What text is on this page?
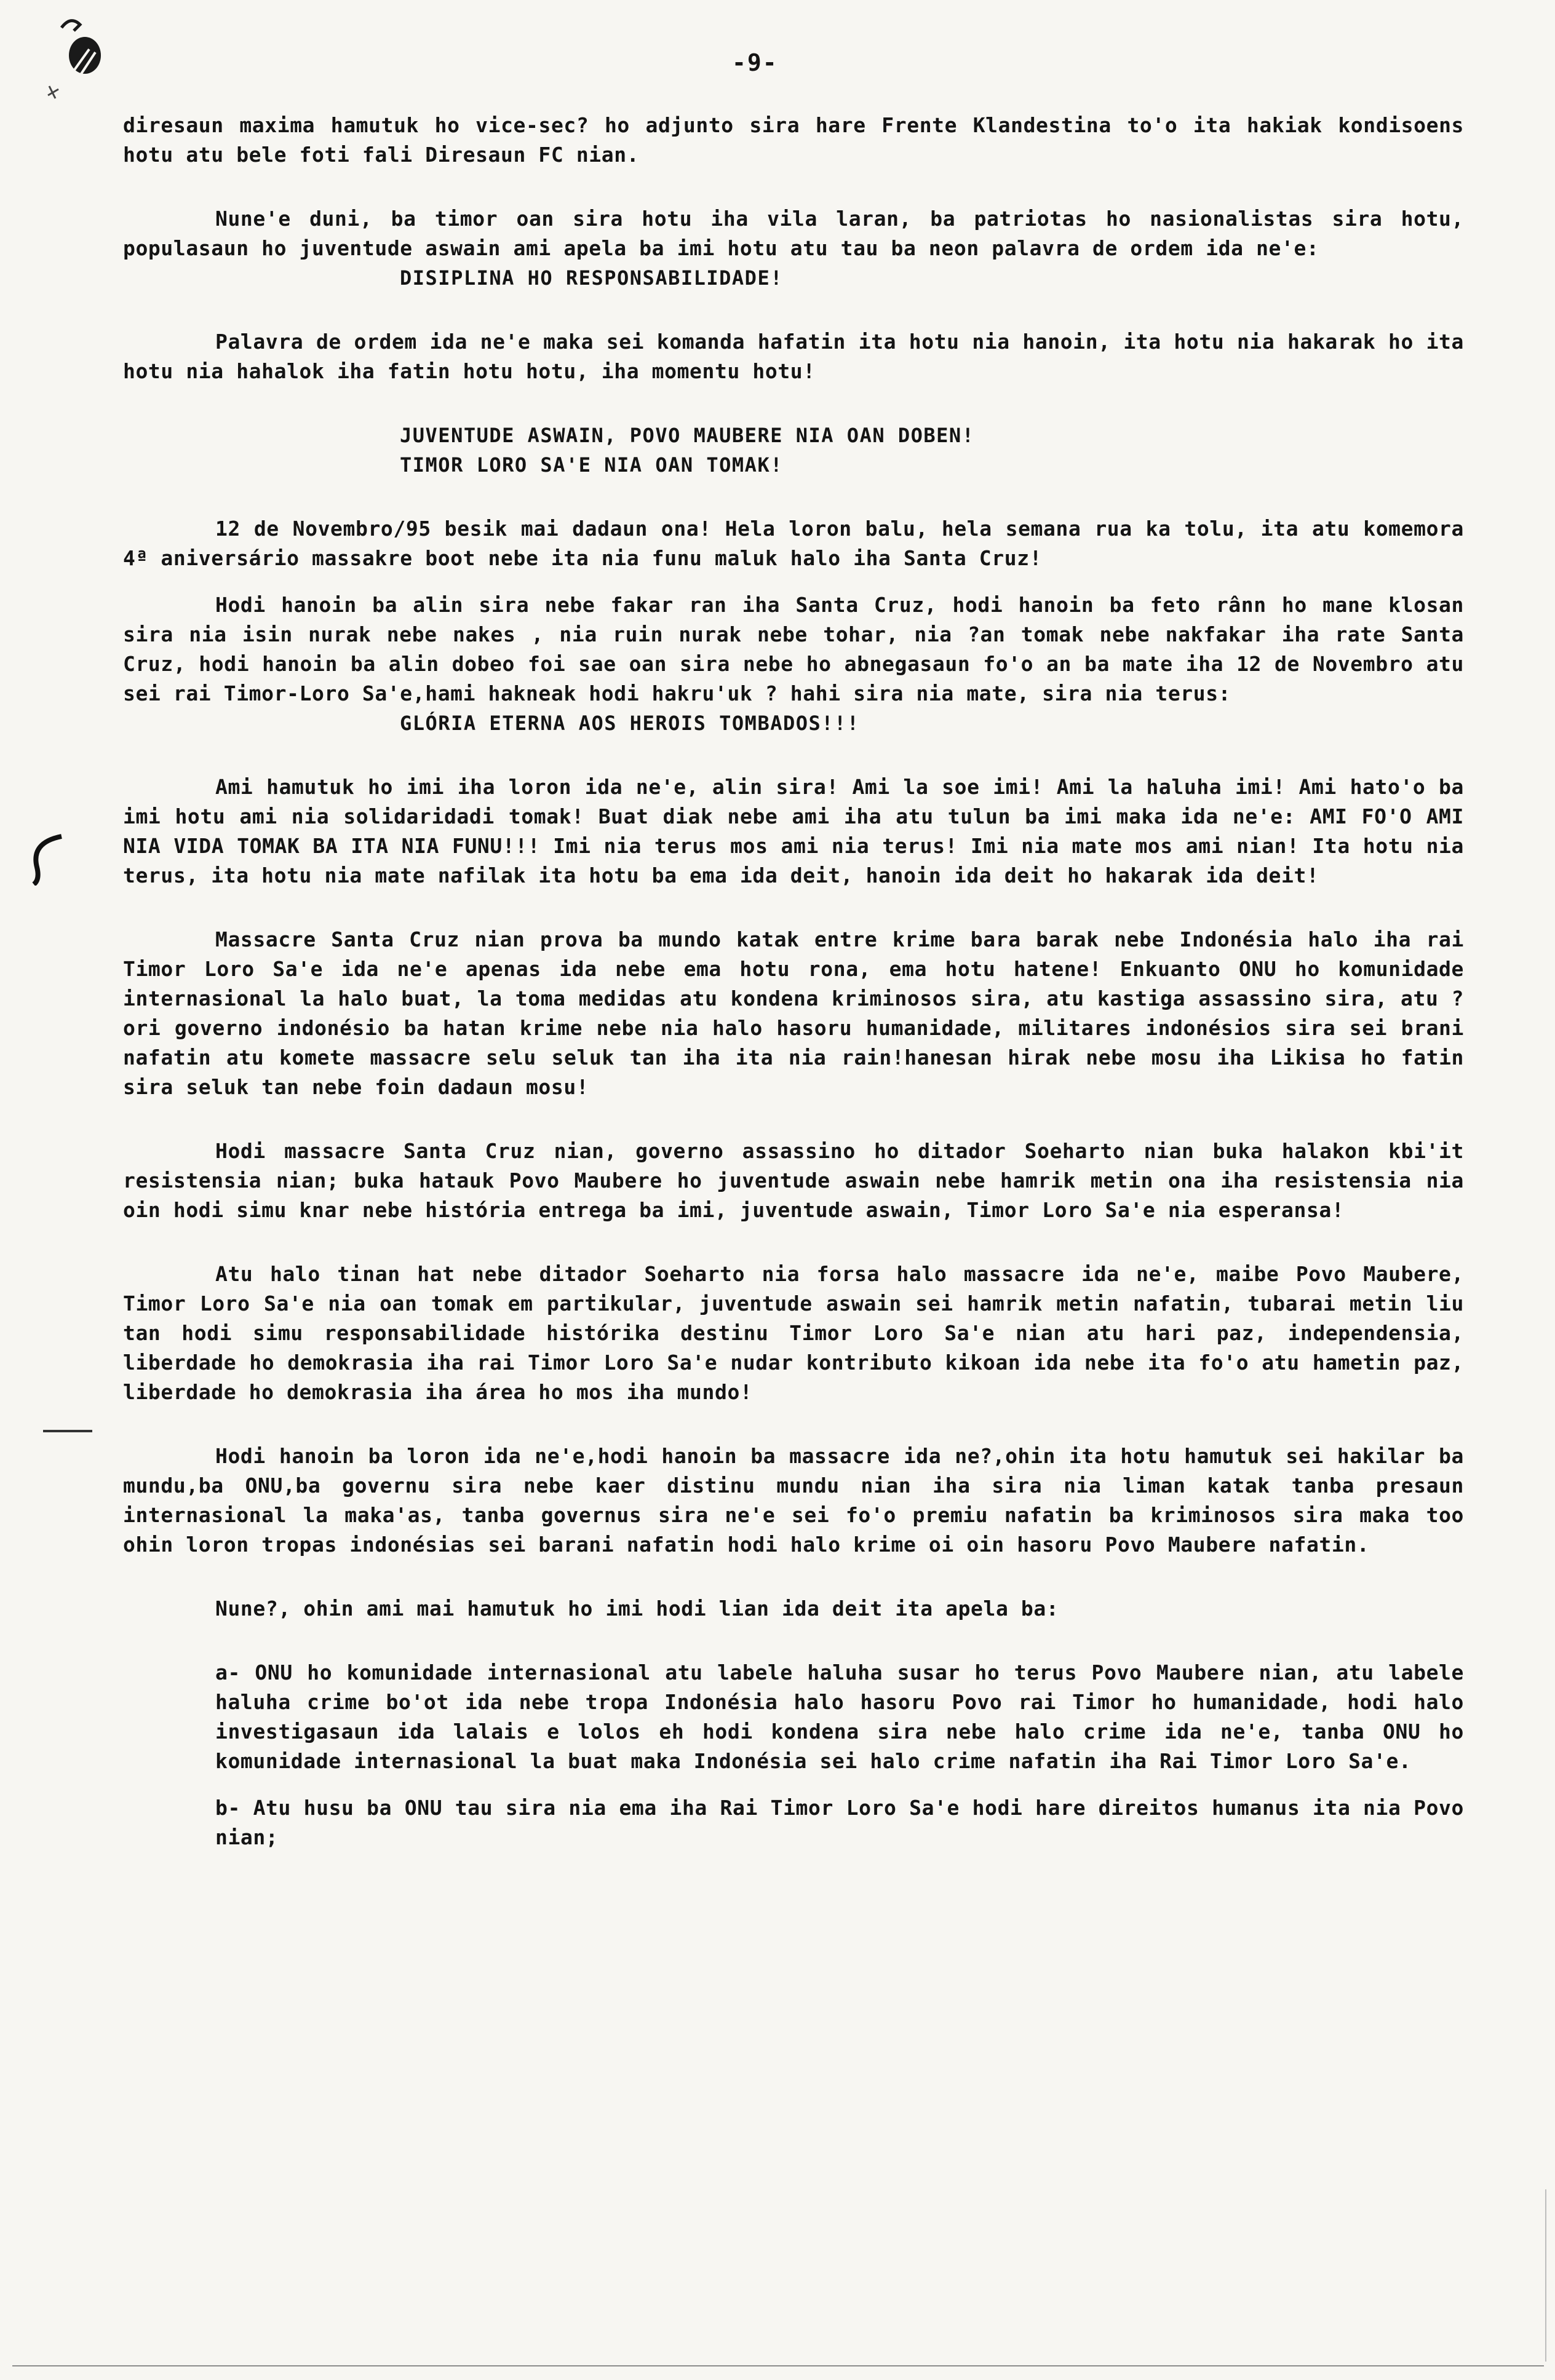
-9-

diresaun maxima hamutuk ho vice-sec? ho adjunto sira hare Frente Klandestina to'o ita hakiak kondisoens hotu atu bele foti fali Diresaun FC nian.

Nune'e duni, ba timor oan sira hotu iha vila laran, ba patriotas ho nasionalistas sira hotu, populasaun ho juventude aswain ami apela ba imi hotu atu tau ba neon palavra de ordem ida ne'e:

DISIPLINA HO RESPONSABILIDADE!

Palavra de ordem ida ne'e maka sei komanda hafatin ita hotu nia hanoin, ita hotu nia hakarak ho ita hotu nia hahalok iha fatin hotu hotu, iha momentu hotu!

JUVENTUDE ASWAIN, POVO MAUBERE NIA OAN DOBEN!

TIMOR LORO SA'E NIA OAN TOMAK!

12 de Novembro/95 besik mai dadaun ona! Hela loron balu, hela semana rua ka tolu, ita atu komemora 4ª aniversário massakre boot nebe ita nia funu maluk halo iha Santa Cruz!

Hodi hanoin ba alin sira nebe fakar ran iha Santa Cruz, hodi hanoin ba feto rânn ho mane klosan sira nia isin nurak nebe nakes , nia ruin nurak nebe tohar, nia ?an tomak nebe nakfakar iha rate Santa Cruz, hodi hanoin ba alin dobeo foi sae oan sira nebe ho abnegasaun fo'o an ba mate iha 12 de Novembro atu sei rai Timor-Loro Sa'e,hami hakneak hodi hakru'uk ? hahi sira nia mate, sira nia terus:

GLÓRIA ETERNA AOS HEROIS TOMBADOS!!!

Ami hamutuk ho imi iha loron ida ne'e, alin sira! Ami la soe imi! Ami la haluha imi! Ami hato'o ba imi hotu ami nia solidaridadi tomak! Buat diak nebe ami iha atu tulun ba imi maka ida ne'e: AMI FO'O AMI NIA VIDA TOMAK BA ITA NIA FUNU!!! Imi nia terus mos ami nia terus! Imi nia mate mos ami nian! Ita hotu nia terus, ita hotu nia mate nafilak ita hotu ba ema ida deit, hanoin ida deit ho hakarak ida deit!

Massacre Santa Cruz nian prova ba mundo katak entre krime bara barak nebe Indonésia halo iha rai Timor Loro Sa'e ida ne'e apenas ida nebe ema hotu rona, ema hotu hatene! Enkuanto ONU ho komunidade internasional la halo buat, la toma medidas atu kondena kriminosos sira, atu kastiga assassino sira, atu ?ori governo indonésio ba hatan krime nebe nia halo hasoru humanidade, militares indonésios sira sei brani nafatin atu komete massacre selu seluk tan iha ita nia rain!hanesan hirak nebe mosu iha Likisa ho fatin sira seluk tan nebe foin dadaun mosu!

Hodi massacre Santa Cruz nian, governo assassino ho ditador Soeharto nian buka halakon kbi'it resistensia nian; buka hatauk Povo Maubere ho juventude aswain nebe hamrik metin ona iha resistensia nia oin hodi simu knar nebe história entrega ba imi, juventude aswain, Timor Loro Sa'e nia esperansa!

Atu halo tinan hat nebe ditador Soeharto nia forsa halo massacre ida ne'e, maibe Povo Maubere, Timor Loro Sa'e nia oan tomak em partikular, juventude aswain sei hamrik metin nafatin, tubarai metin liu tan hodi simu responsabilidade histórika destinu Timor Loro Sa'e nian atu hari paz, independensia, liberdade ho demokrasia iha rai Timor Loro Sa'e nudar kontributo kikoan ida nebe ita fo'o atu hametin paz, liberdade ho demokrasia iha área ho mos iha mundo!

Hodi hanoin ba loron ida ne'e,hodi hanoin ba massacre ida ne?,ohin ita hotu hamutuk sei hakilar ba mundu,ba ONU,ba governu sira nebe kaer distinu mundu nian iha sira nia liman katak tanba presaun internasional la maka'as, tanba governus sira ne'e sei fo'o premiu nafatin ba kriminosos sira maka too ohin loron tropas indonésias sei barani nafatin hodi halo krime oi oin hasoru Povo Maubere nafatin.

Nune?, ohin ami mai hamutuk ho imi hodi lian ida deit ita apela ba:

a- ONU ho komunidade internasional atu labele haluha susar ho terus Povo Maubere nian, atu labele haluha crime bo'ot ida nebe tropa Indonésia halo hasoru Povo rai Timor ho humanidade, hodi halo investigasaun ida lalais e lolos eh hodi kondena sira nebe halo crime ida ne'e, tanba ONU ho komunidade internasional la buat maka Indonésia sei halo crime nafatin iha Rai Timor Loro Sa'e.

b- Atu husu ba ONU tau sira nia ema iha Rai Timor Loro Sa'e hodi hare direitos humanus ita nia Povo nian;
